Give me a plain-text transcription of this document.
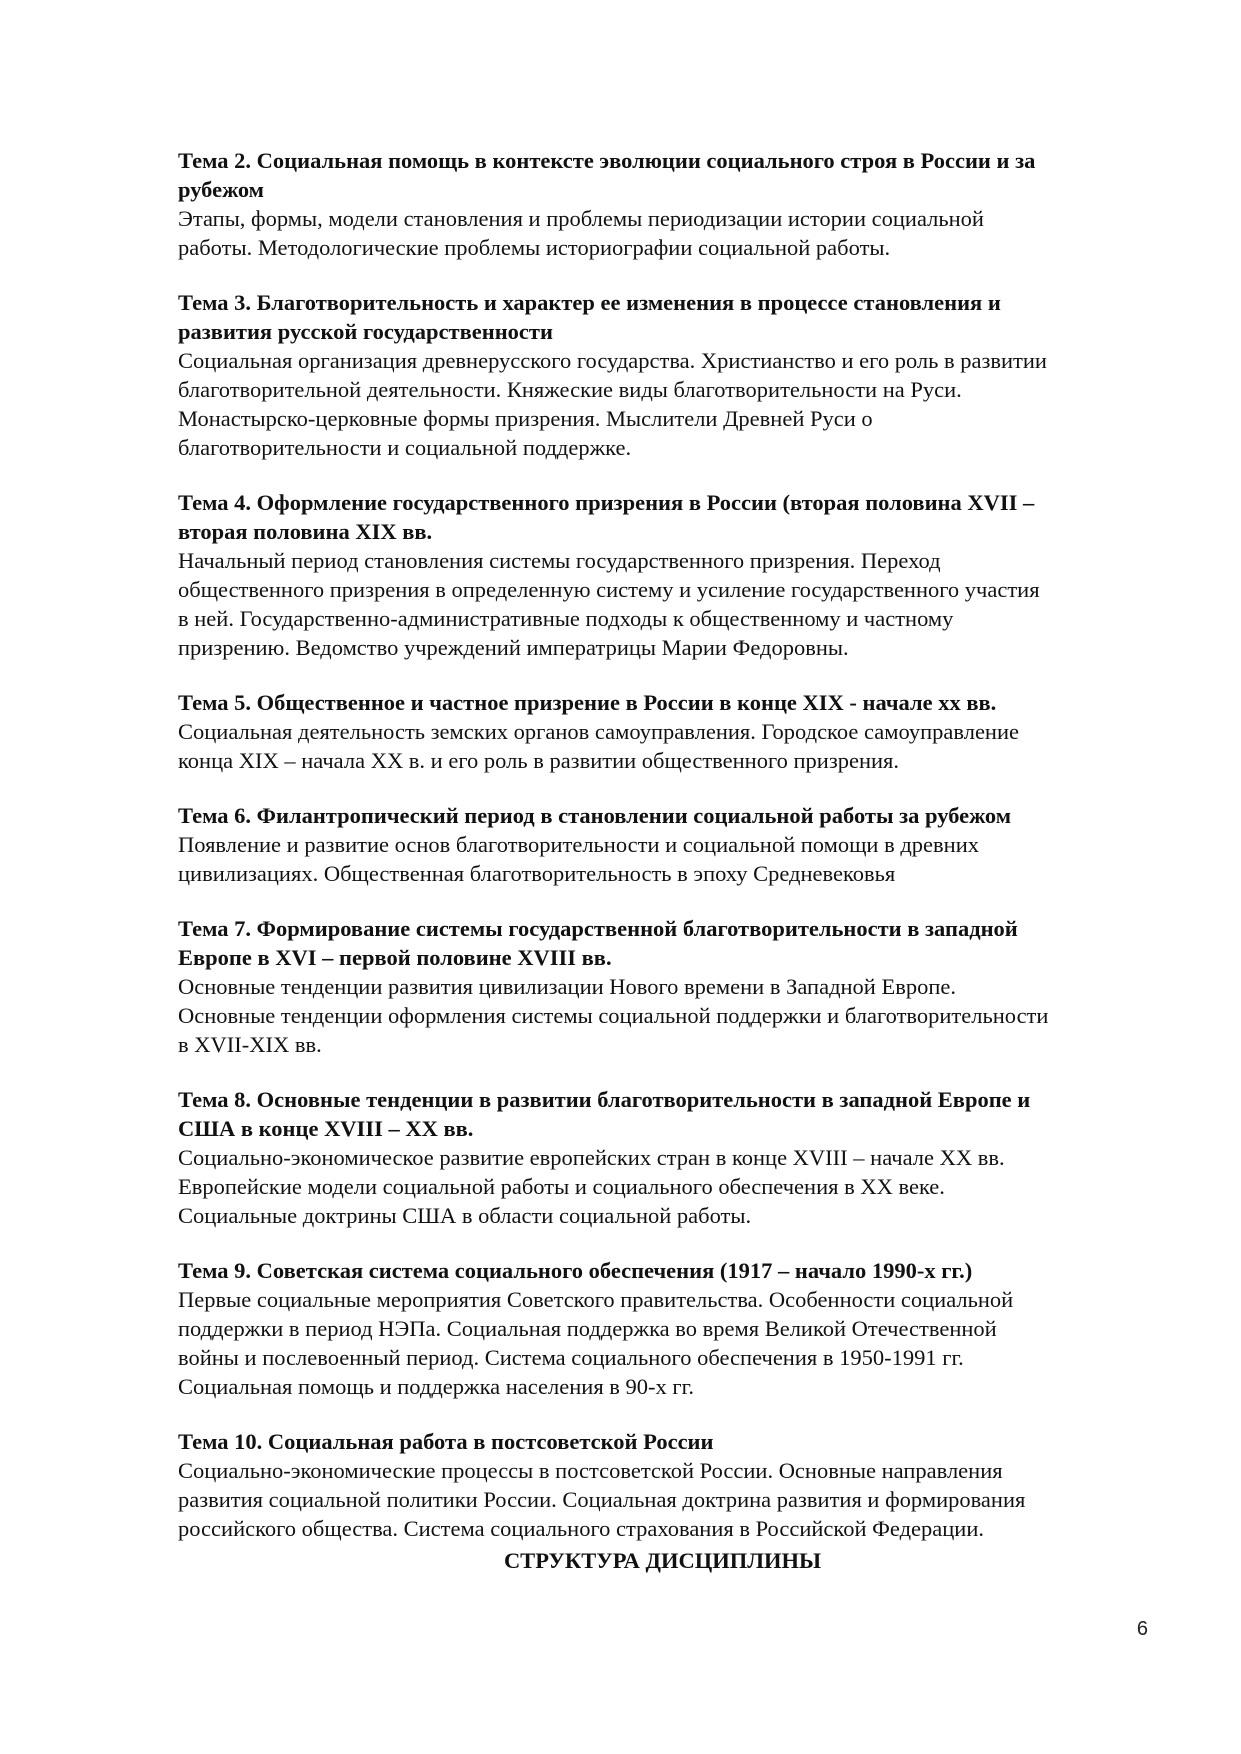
Тема 2. Социальная помощь в контексте эволюции социального строя в России и за
рубежом

Этапы, формы, модели становления и проблемы периодизации истории социальной
работы. Методологические проблемы историографии социальной работы.

Тема 3. Благотворительность и характер ее изменения в процессе становления и
развития русской государственности

Социальная организация древнерусского государства. Христианство и его роль в развитии
благотворительной деятельности. Княжеские виды благотворительности на Руси.
Монастырско-церковные формы призрения. Мыслители Древней Руси о
благотворительности и социальной поддержке.

Тема 4. Оформление государственного призрения в России (вторая половина XVII –
вторая половина XIX вв.

Начальный период становления системы государственного призрения. Переход
общественного призрения в определенную систему и усиление государственного участия
в ней. Государственно-административные подходы к общественному и частному
призрению. Ведомство учреждений императрицы Марии Федоровны.

Тема 5. Общественное и частное призрение в России в конце XIX - начале хх вв.

Социальная деятельность земских органов самоуправления. Городское самоуправление
конца XIX – начала XX в. и его роль в развитии общественного призрения.

Тема 6. Филантропический период в становлении социальной работы за рубежом

Появление и развитие основ благотворительности и социальной помощи в древних
цивилизациях. Общественная благотворительность в эпоху Средневековья

Тема 7. Формирование системы государственной благотворительности в западной
Европе в XVI – первой половине XVIII вв.

Основные тенденции развития цивилизации Нового времени в Западной Европе.
Основные тенденции оформления системы социальной поддержки и благотворительности
в XVII-XIX вв.

Тема 8. Основные тенденции в развитии благотворительности в западной Европе и
США в конце XVIII – XX вв.

Социально-экономическое развитие европейских стран в конце XVIII – начале XX вв.
Европейские модели социальной работы и социального обеспечения в XX веке.
Социальные доктрины США в области социальной работы.

Тема 9. Советская система социального обеспечения (1917 – начало 1990-х гг.)

Первые социальные мероприятия Советского правительства. Особенности социальной
поддержки в период НЭПа. Социальная поддержка во время Великой Отечественной
войны и послевоенный период. Система социального обеспечения в 1950-1991 гг.
Социальная помощь и поддержка населения в 90-х гг.

Тема 10. Социальная работа в постсоветской России

Социально-экономические процессы в постсоветской России. Основные направления
развития социальной политики России. Социальная доктрина развития и формирования
российского общества. Система социального страхования в Российской Федерации.

СТРУКТУРА ДИСЦИПЛИНЫ
6
